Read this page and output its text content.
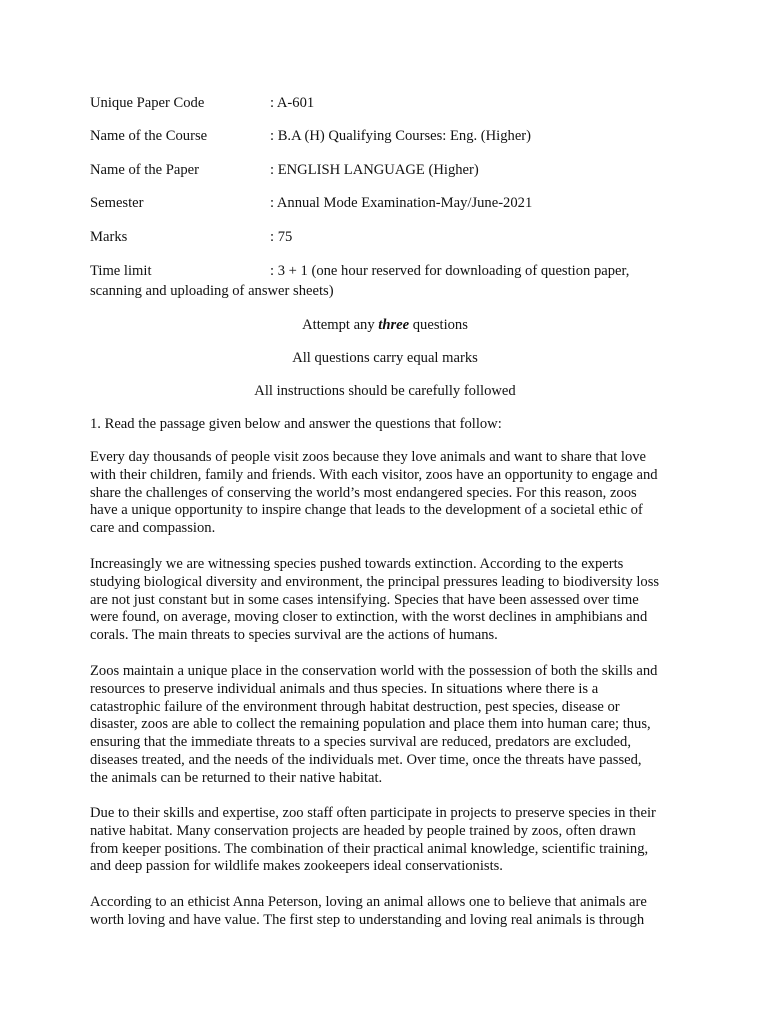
Unique Paper Code	: A-601
Name of the Course	: B.A (H) Qualifying Courses: Eng. (Higher)
Name of the Paper	: ENGLISH LANGUAGE (Higher)
Semester	: Annual Mode Examination-May/June-2021
Marks	: 75
Time limit	: 3 + 1 (one hour reserved for downloading of question paper,
scanning and uploading of answer sheets)
Attempt any three questions
All questions carry equal marks
All instructions should be carefully followed
1. Read the passage given below and answer the questions that follow:
Every day thousands of people visit zoos because they love animals and want to share that love
with their children, family and friends. With each visitor, zoos have an opportunity to engage and
share the challenges of conserving the world’s most endangered species. For this reason, zoos
have a unique opportunity to inspire change that leads to the development of a societal ethic of
care and compassion.
Increasingly we are witnessing species pushed towards extinction. According to the experts
studying biological diversity and environment, the principal pressures leading to biodiversity loss
are not just constant but in some cases intensifying. Species that have been assessed over time
were found, on average, moving closer to extinction, with the worst declines in amphibians and
corals. The main threats to species survival are the actions of humans.
Zoos maintain a unique place in the conservation world with the possession of both the skills and
resources to preserve individual animals and thus species. In situations where there is a
catastrophic failure of the environment through habitat destruction, pest species, disease or
disaster, zoos are able to collect the remaining population and place them into human care; thus,
ensuring that the immediate threats to a species survival are reduced, predators are excluded,
diseases treated, and the needs of the individuals met. Over time, once the threats have passed,
the animals can be returned to their native habitat.
Due to their skills and expertise, zoo staff often participate in projects to preserve species in their
native habitat. Many conservation projects are headed by people trained by zoos, often drawn
from keeper positions. The combination of their practical animal knowledge, scientific training,
and deep passion for wildlife makes zookeepers ideal conservationists.
According to an ethicist Anna Peterson, loving an animal allows one to believe that animals are
worth loving and have value. The first step to understanding and loving real animals is through
